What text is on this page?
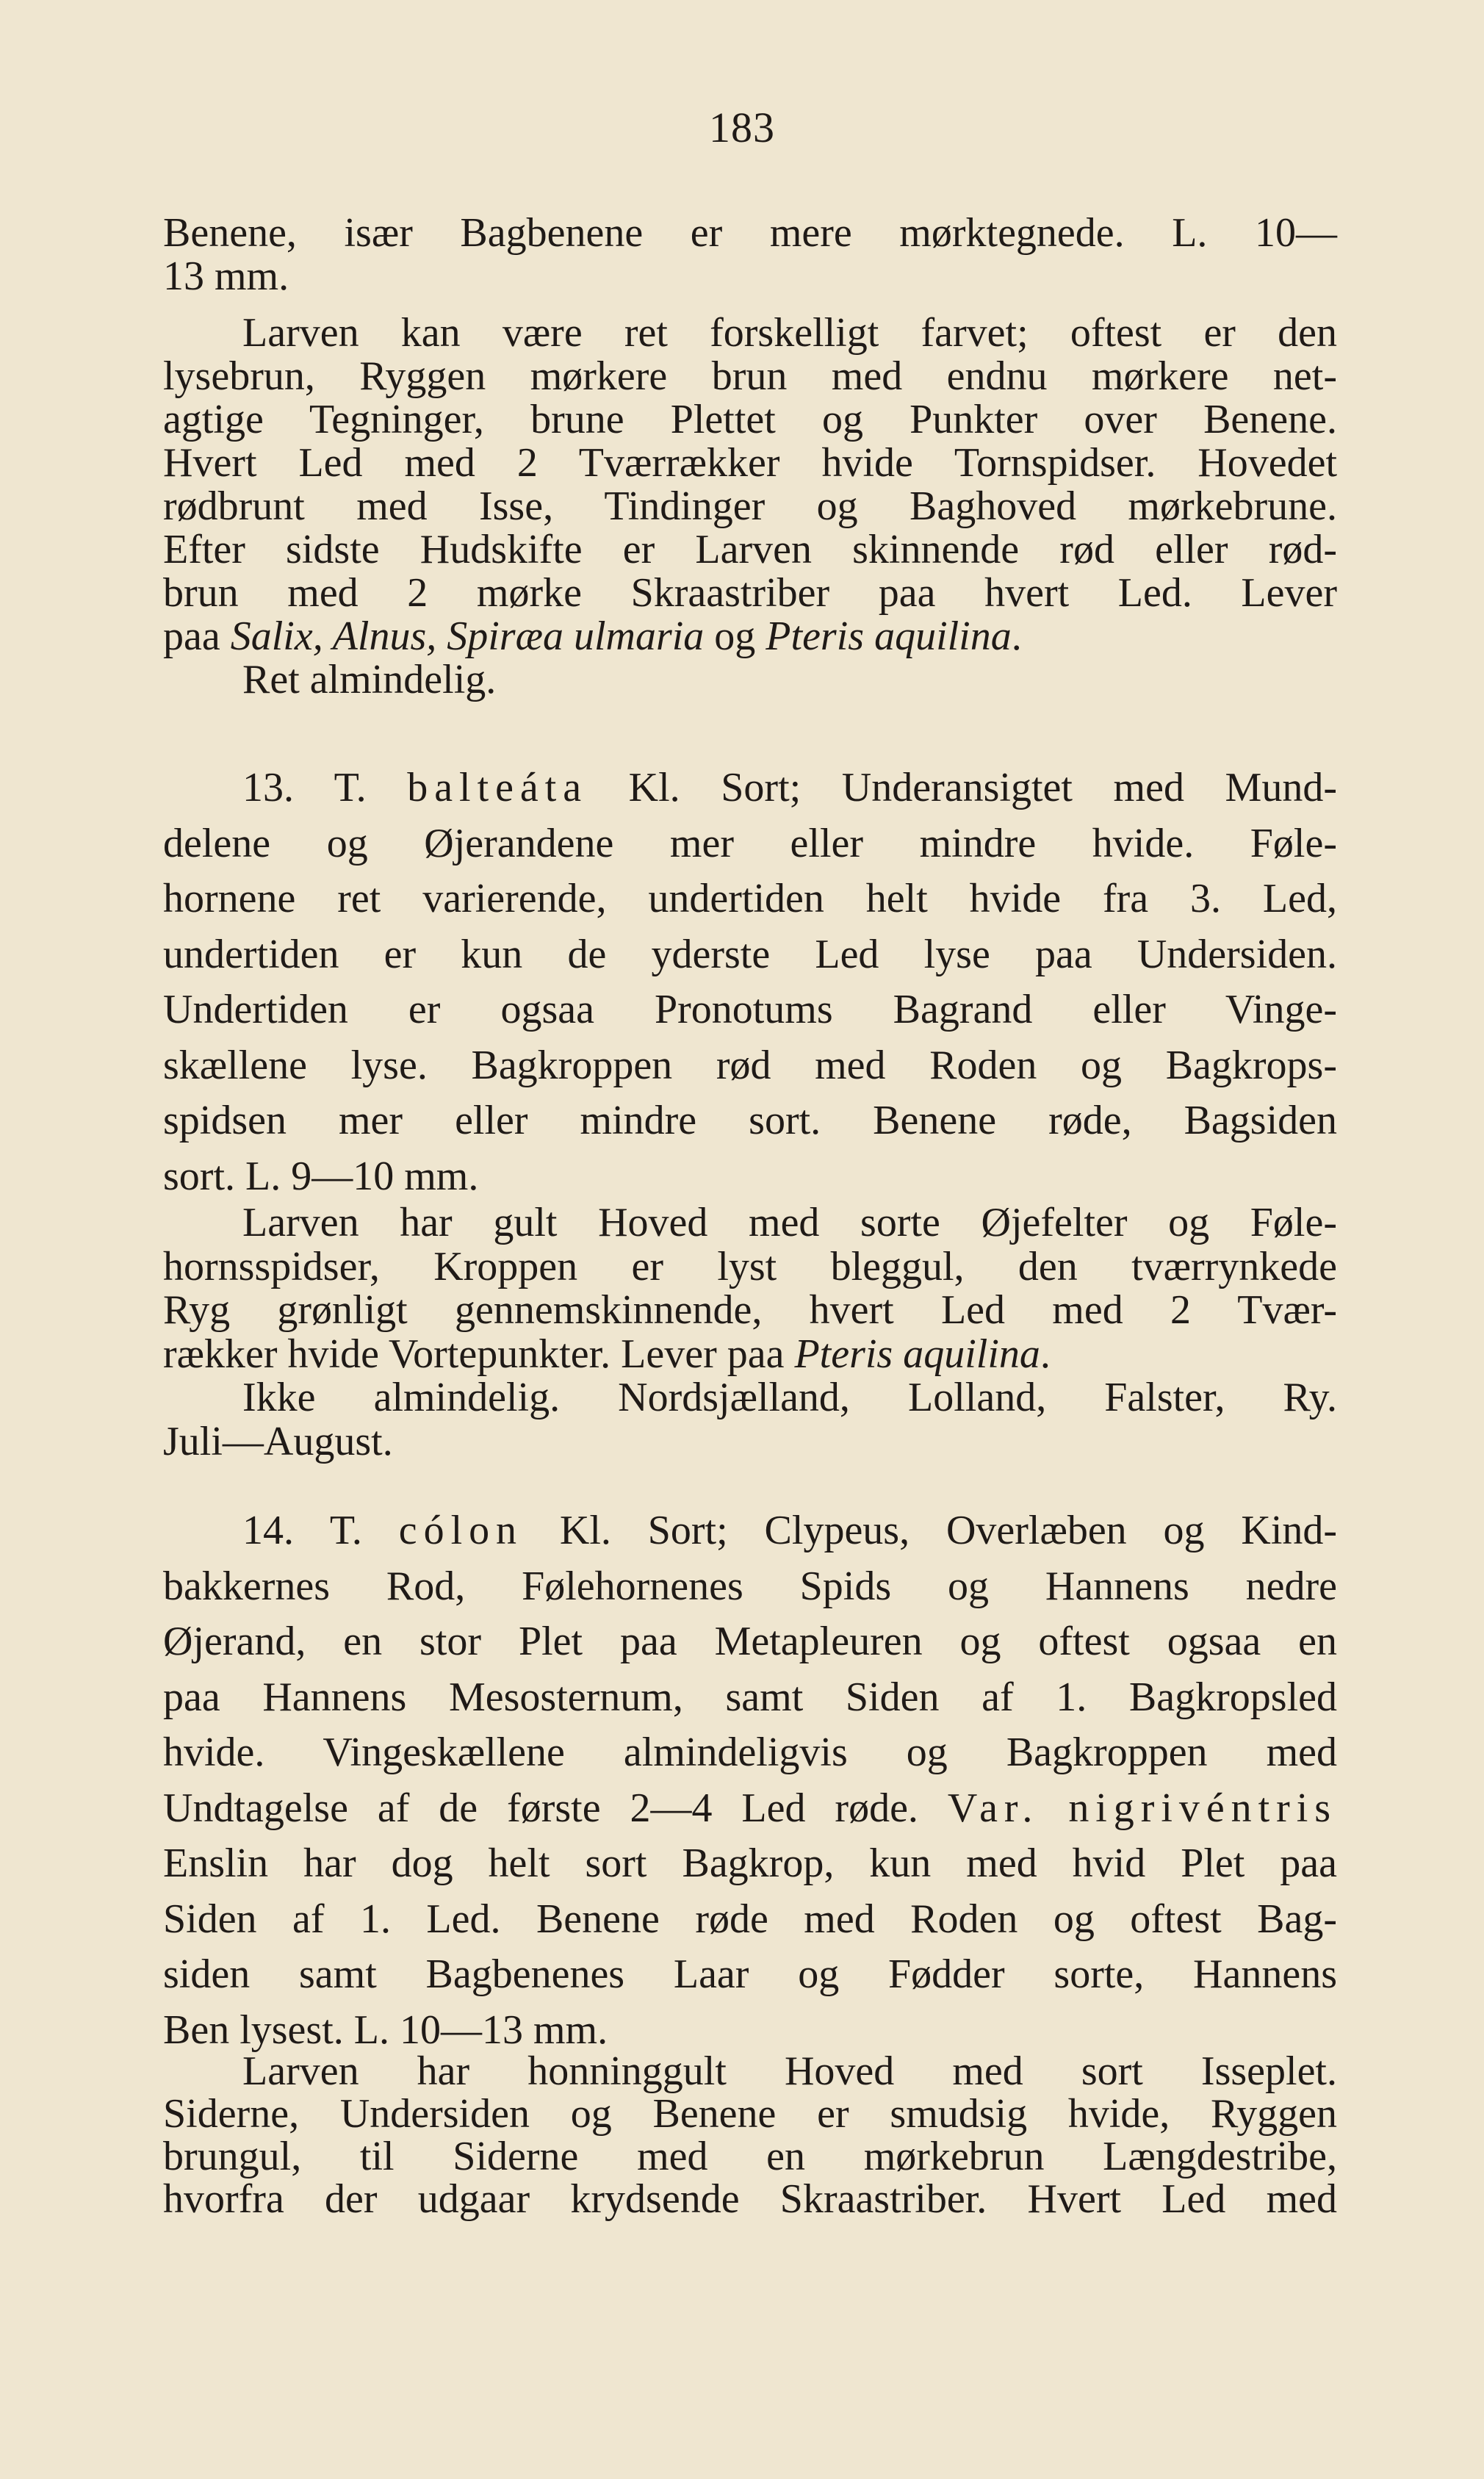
183
Benene, især Bagbenene er mere mørktegnede. L. 10—
13 mm.
Larven kan være ret forskelligt farvet; oftest er den
lysebrun, Ryggen mørkere brun med endnu mørkere net-
agtige Tegninger, brune Plettet og Punkter over Benene.
Hvert Led med 2 Tværrækker hvide Tornspidser. Hovedet
rødbrunt med Isse, Tindinger og Baghoved mørkebrune.
Efter sidste Hudskifte er Larven skinnende rød eller rød-
brun med 2 mørke Skraastriber paa hvert Led. Lever
paa Salix, Alnus, Spiræa ulmaria og Pteris aquilina.
Ret almindelig.
13. T. balteáta Kl. Sort; Underansigtet med Mund-
delene og Øjerandene mer eller mindre hvide. Føle-
hornene ret varierende, undertiden helt hvide fra 3. Led,
undertiden er kun de yderste Led lyse paa Undersiden.
Undertiden er ogsaa Pronotums Bagrand eller Vinge-
skællene lyse. Bagkroppen rød med Roden og Bagkrops-
spidsen mer eller mindre sort. Benene røde, Bagsiden
sort. L. 9—10 mm.
Larven har gult Hoved med sorte Øjefelter og Føle-
hornsspidser, Kroppen er lyst bleggul, den tværrynkede
Ryg grønligt gennemskinnende, hvert Led med 2 Tvær-
rækker hvide Vortepunkter. Lever paa Pteris aquilina.
Ikke almindelig. Nordsjælland, Lolland, Falster, Ry.
Juli—August.
14. T. cólon Kl. Sort; Clypeus, Overlæben og Kind-
bakkernes Rod, Følehornenes Spids og Hannens nedre
Øjerand, en stor Plet paa Metapleuren og oftest ogsaa en
paa Hannens Mesosternum, samt Siden af 1. Bagkropsled
hvide. Vingeskællene almindeligvis og Bagkroppen med
Undtagelse af de første 2—4 Led røde. Var. nigrivéntris
Enslin har dog helt sort Bagkrop, kun med hvid Plet paa
Siden af 1. Led. Benene røde med Roden og oftest Bag-
siden samt Bagbenenes Laar og Fødder sorte, Hannens
Ben lysest. L. 10—13 mm.
Larven har honninggult Hoved med sort Isseplet.
Siderne, Undersiden og Benene er smudsig hvide, Ryggen
brungul, til Siderne med en mørkebrun Længdestribe,
hvorfra der udgaar krydsende Skraastriber. Hvert Led med
